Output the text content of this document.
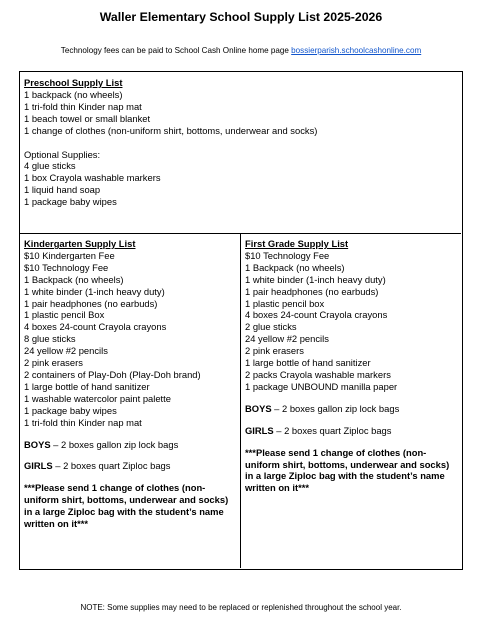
Waller Elementary School Supply List 2025-2026
Technology fees can be paid to School Cash Online home page bossierparish.schoolcashonline.com
Preschool Supply List
1 backpack (no wheels)
1 tri-fold thin Kinder nap mat
1 beach towel or small blanket
1 change of clothes (non-uniform shirt, bottoms, underwear and socks)
Optional Supplies:
4 glue sticks
1 box Crayola washable markers
1 liquid hand soap
1 package baby wipes
Kindergarten Supply List
$10 Kindergarten Fee
$10 Technology Fee
1 Backpack (no wheels)
1 white binder (1-inch heavy duty)
1 pair headphones (no earbuds)
1 plastic pencil Box
4 boxes 24-count Crayola crayons
8 glue sticks
24 yellow #2 pencils
2 pink erasers
2 containers of Play-Doh (Play-Doh brand)
1 large bottle of hand sanitizer
1 washable watercolor paint palette
1 package baby wipes
1 tri-fold thin Kinder nap mat
BOYS – 2 boxes gallon zip lock bags
GIRLS – 2 boxes quart Ziploc bags
***Please send 1 change of clothes (non-uniform shirt, bottoms, underwear and socks) in a large Ziploc bag with the student’s name written on it***
First Grade Supply List
$10 Technology Fee
1 Backpack (no wheels)
1 white binder (1-inch heavy duty)
1 pair headphones (no earbuds)
1 plastic pencil box
4 boxes 24-count Crayola crayons
2 glue sticks
24 yellow #2 pencils
2 pink erasers
1 large bottle of hand sanitizer
2 packs Crayola washable markers
1 package UNBOUND manilla paper
BOYS – 2 boxes gallon zip lock bags
GIRLS – 2 boxes quart Ziploc bags
***Please send 1 change of clothes (non-uniform shirt, bottoms, underwear and socks) in a large Ziploc bag with the student’s name written on it***
NOTE: Some supplies may need to be replaced or replenished throughout the school year.
